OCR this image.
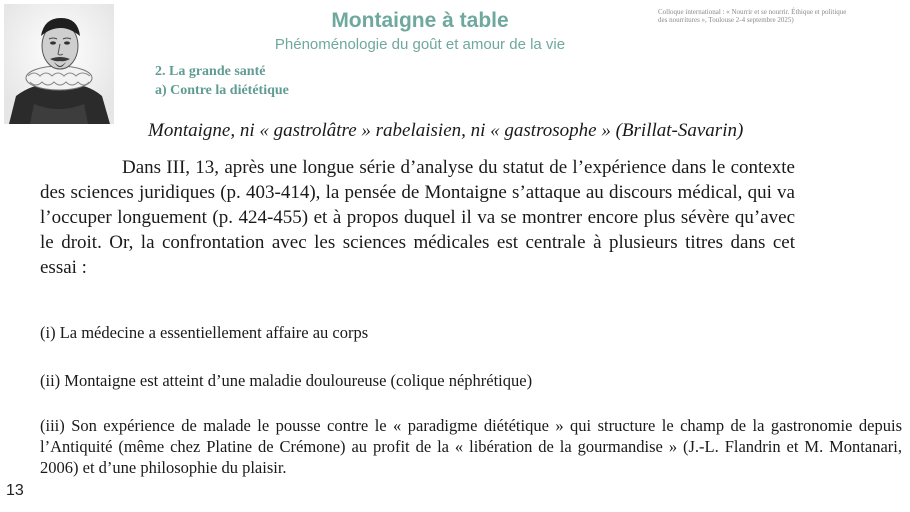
Montaigne à table
Phénoménologie du goût et amour de la vie
Colloque international : « Nourrir et se nourrir. Éthique et politique
des nourritures », Toulouse 2-4 septembre 2025)
2. La grande santé
a) Contre la diététique
Montaigne, ni « gastrolâtre » rabelaisien, ni « gastrosophe » (Brillat-Savarin)
Dans III, 13, après une longue série d’analyse du statut de l’expérience dans le contexte des sciences juridiques (p. 403-414), la pensée de Montaigne s’attaque au discours médical, qui va l’occuper longuement (p. 424-455) et à propos duquel il va se montrer encore plus sévère qu’avec le droit. Or, la confrontation avec les sciences médicales est centrale à plusieurs titres dans cet essai :
(i) La médecine a essentiellement affaire au corps
(ii) Montaigne est atteint d’une maladie douloureuse (colique néphrétique)
(iii) Son expérience de malade le pousse contre le « paradigme diététique » qui structure le champ de la gastronomie depuis l’Antiquité (même chez Platine de Crémone) au profit de la « libération de la gourmandise » (J.-L. Flandrin et M. Montanari, 2006) et d’une philosophie du plaisir.
13
